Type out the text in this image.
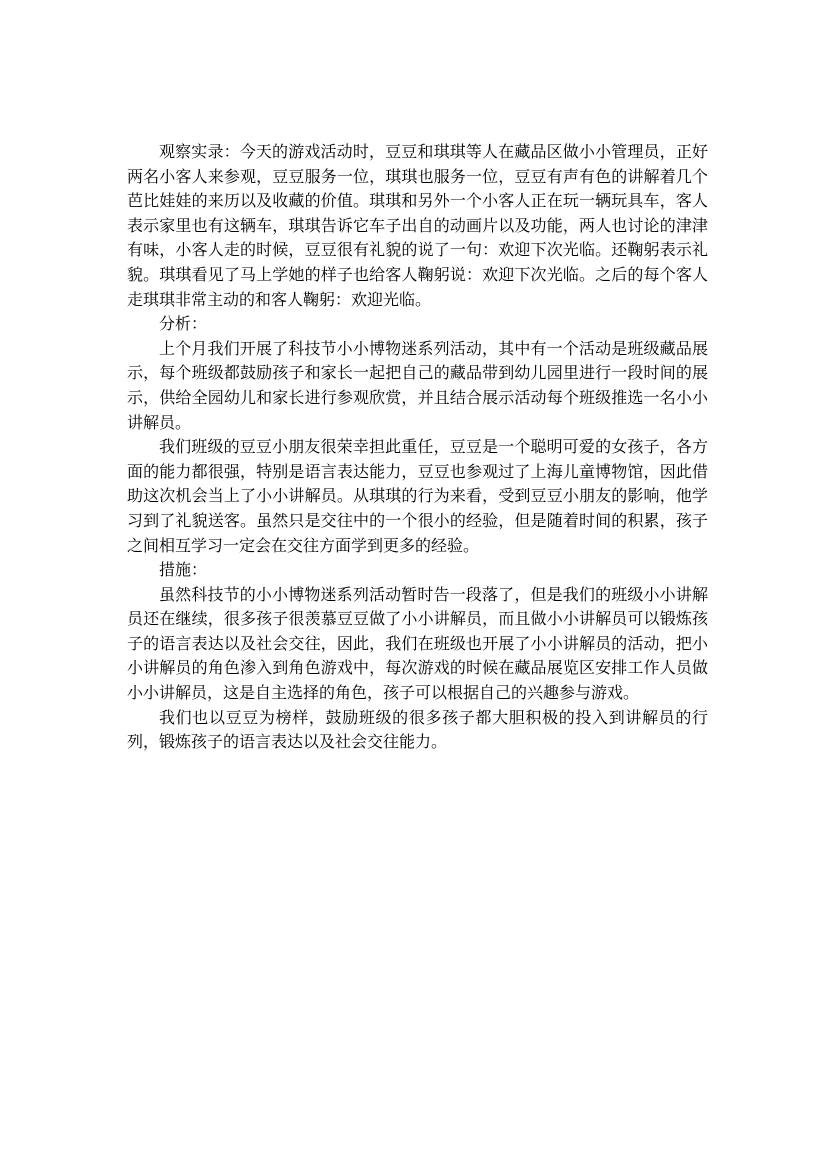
观察实录：今天的游戏活动时，豆豆和琪琪等人在藏品区做小小管理员，正好两名小客人来参观，豆豆服务一位，琪琪也服务一位，豆豆有声有色的讲解着几个芭比娃娃的来历以及收藏的价值。琪琪和另外一个小客人正在玩一辆玩具车，客人表示家里也有这辆车，琪琪告诉它车子出自的动画片以及功能，两人也讨论的津津有味，小客人走的时候，豆豆很有礼貌的说了一句：欢迎下次光临。还鞠躬表示礼貌。琪琪看见了马上学她的样子也给客人鞠躬说：欢迎下次光临。之后的每个客人走琪琪非常主动的和客人鞠躬：欢迎光临。

分析：

上个月我们开展了科技节小小博物迷系列活动，其中有一个活动是班级藏品展示，每个班级都鼓励孩子和家长一起把自己的藏品带到幼儿园里进行一段时间的展示，供给全园幼儿和家长进行参观欣赏，并且结合展示活动每个班级推选一名小小讲解员。

我们班级的豆豆小朋友很荣幸担此重任，豆豆是一个聪明可爱的女孩子，各方面的能力都很强，特别是语言表达能力，豆豆也参观过了上海儿童博物馆，因此借助这次机会当上了小小讲解员。从琪琪的行为来看，受到豆豆小朋友的影响，他学习到了礼貌送客。虽然只是交往中的一个很小的经验，但是随着时间的积累，孩子之间相互学习一定会在交往方面学到更多的经验。

措施：

虽然科技节的小小博物迷系列活动暂时告一段落了，但是我们的班级小小讲解员还在继续，很多孩子很羡慕豆豆做了小小讲解员，而且做小小讲解员可以锻炼孩子的语言表达以及社会交往，因此，我们在班级也开展了小小讲解员的活动，把小小讲解员的角色渗入到角色游戏中，每次游戏的时候在藏品展览区安排工作人员做小小讲解员，这是自主选择的角色，孩子可以根据自己的兴趣参与游戏。

我们也以豆豆为榜样，鼓励班级的很多孩子都大胆积极的投入到讲解员的行列，锻炼孩子的语言表达以及社会交往能力。
